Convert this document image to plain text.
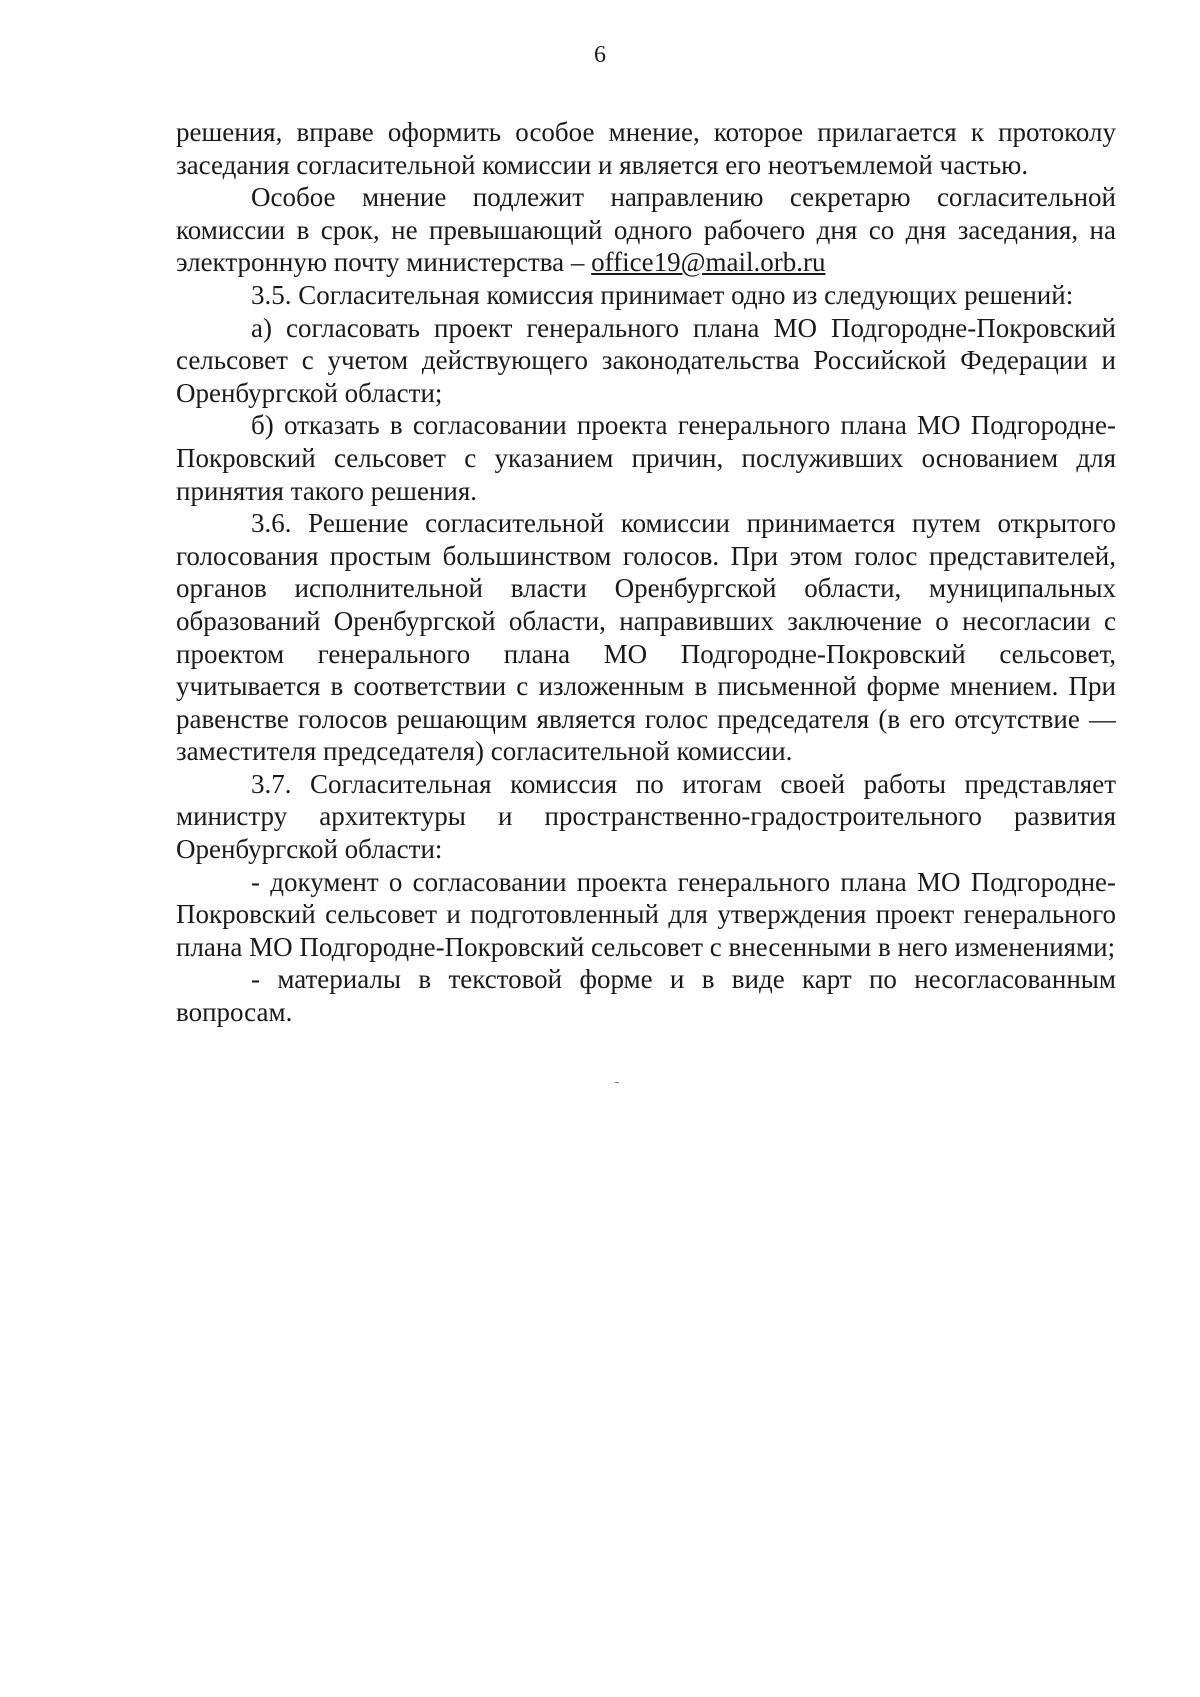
6

решения, вправе оформить особое мнение, которое прилагается к протоколу заседания согласительной комиссии и является его неотъемлемой частью.

Особое мнение подлежит направлению секретарю согласительной комиссии в срок, не превышающий одного рабочего дня со дня заседания, на электронную почту министерства – office19@mail.orb.ru

3.5. Согласительная комиссия принимает одно из следующих решений:

а) согласовать проект генерального плана МО Подгородне-Покровский сельсовет с учетом действующего законодательства Российской Федерации и Оренбургской области;

б) отказать в согласовании проекта генерального плана МО Подгородне-Покровский сельсовет с указанием причин, послуживших основанием для принятия такого решения.

3.6. Решение согласительной комиссии принимается путем открытого голосования простым большинством голосов. При этом голос представителей, органов исполнительной власти Оренбургской области, муниципальных образований Оренбургской области, направивших заключение о несогласии с проектом генерального плана МО Подгородне-Покровский сельсовет, учитывается в соответствии с изложенным в письменной форме мнением. При равенстве голосов решающим является голос председателя (в его отсутствие — заместителя председателя) согласительной комиссии.

3.7. Согласительная комиссия по итогам своей работы представляет министру архитектуры и пространственно-градостроительного развития Оренбургской области:

- документ о согласовании проекта генерального плана МО Подгородне-Покровский сельсовет и подготовленный для утверждения проект генерального плана МО Подгородне-Покровский сельсовет с внесенными в него изменениями;

- материалы в текстовой форме и в виде карт по несогласованным вопросам.
